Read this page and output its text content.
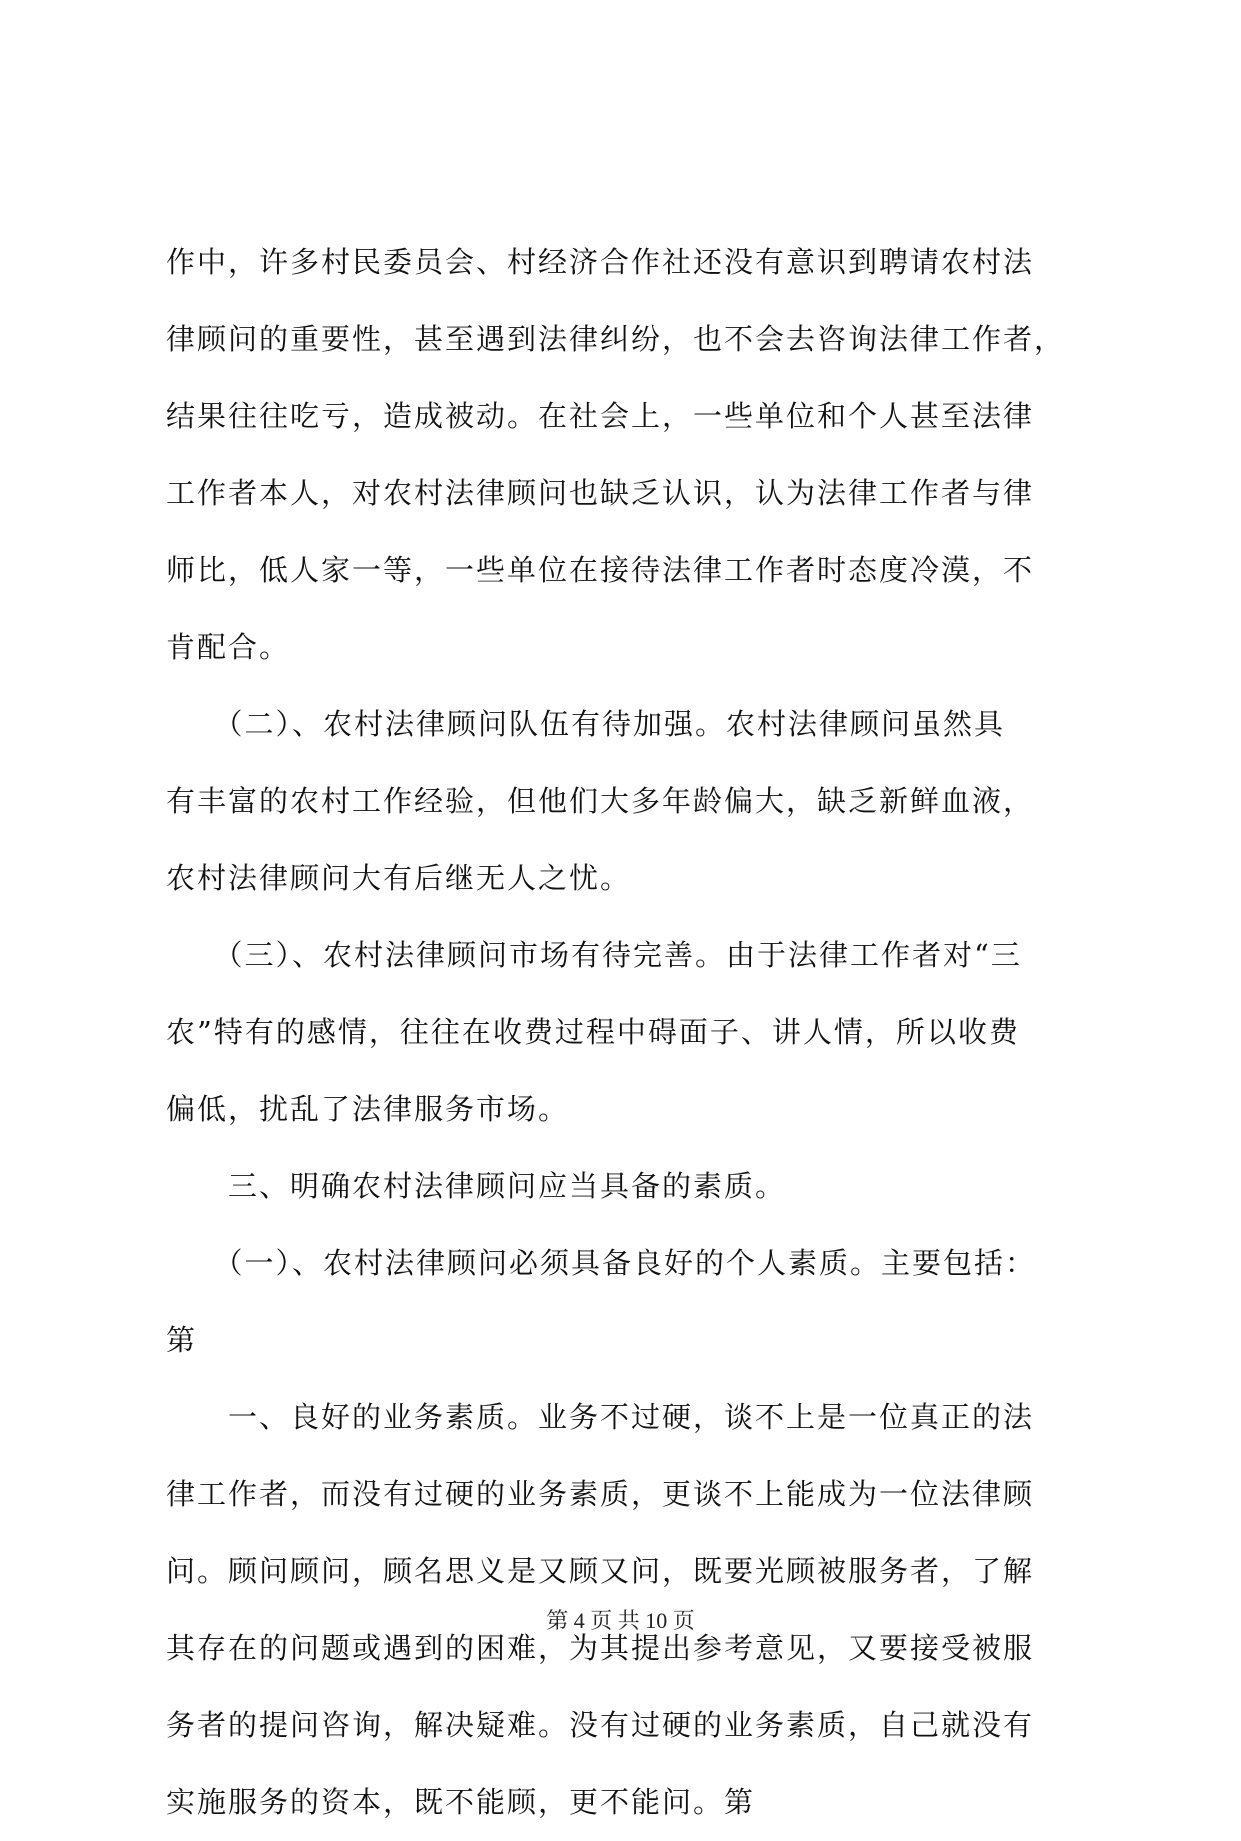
作中，许多村民委员会、村经济合作社还没有意识到聘请农村法
律顾问的重要性，甚至遇到法律纠纷，也不会去咨询法律工作者，
结果往往吃亏，造成被动。在社会上，一些单位和个人甚至法律
工作者本人，对农村法律顾问也缺乏认识，认为法律工作者与律
师比，低人家一等，一些单位在接待法律工作者时态度冷漠，不
肯配合。
　　（二）、农村法律顾问队伍有待加强。农村法律顾问虽然具
有丰富的农村工作经验，但他们大多年龄偏大，缺乏新鲜血液，
农村法律顾问大有后继无人之忧。
　　（三）、农村法律顾问市场有待完善。由于法律工作者对“三
农”特有的感情，往往在收费过程中碍面子、讲人情，所以收费
偏低，扰乱了法律服务市场。
　　三、明确农村法律顾问应当具备的素质。
　　（一）、农村法律顾问必须具备良好的个人素质。主要包括：
第
　　一、良好的业务素质。业务不过硬，谈不上是一位真正的法
律工作者，而没有过硬的业务素质，更谈不上能成为一位法律顾
问。顾问顾问，顾名思义是又顾又问，既要光顾被服务者，了解
其存在的问题或遇到的困难，为其提出参考意见，又要接受被服
务者的提问咨询，解决疑难。没有过硬的业务素质，自己就没有
实施服务的资本，既不能顾，更不能问。第
第 4 页 共 10 页
